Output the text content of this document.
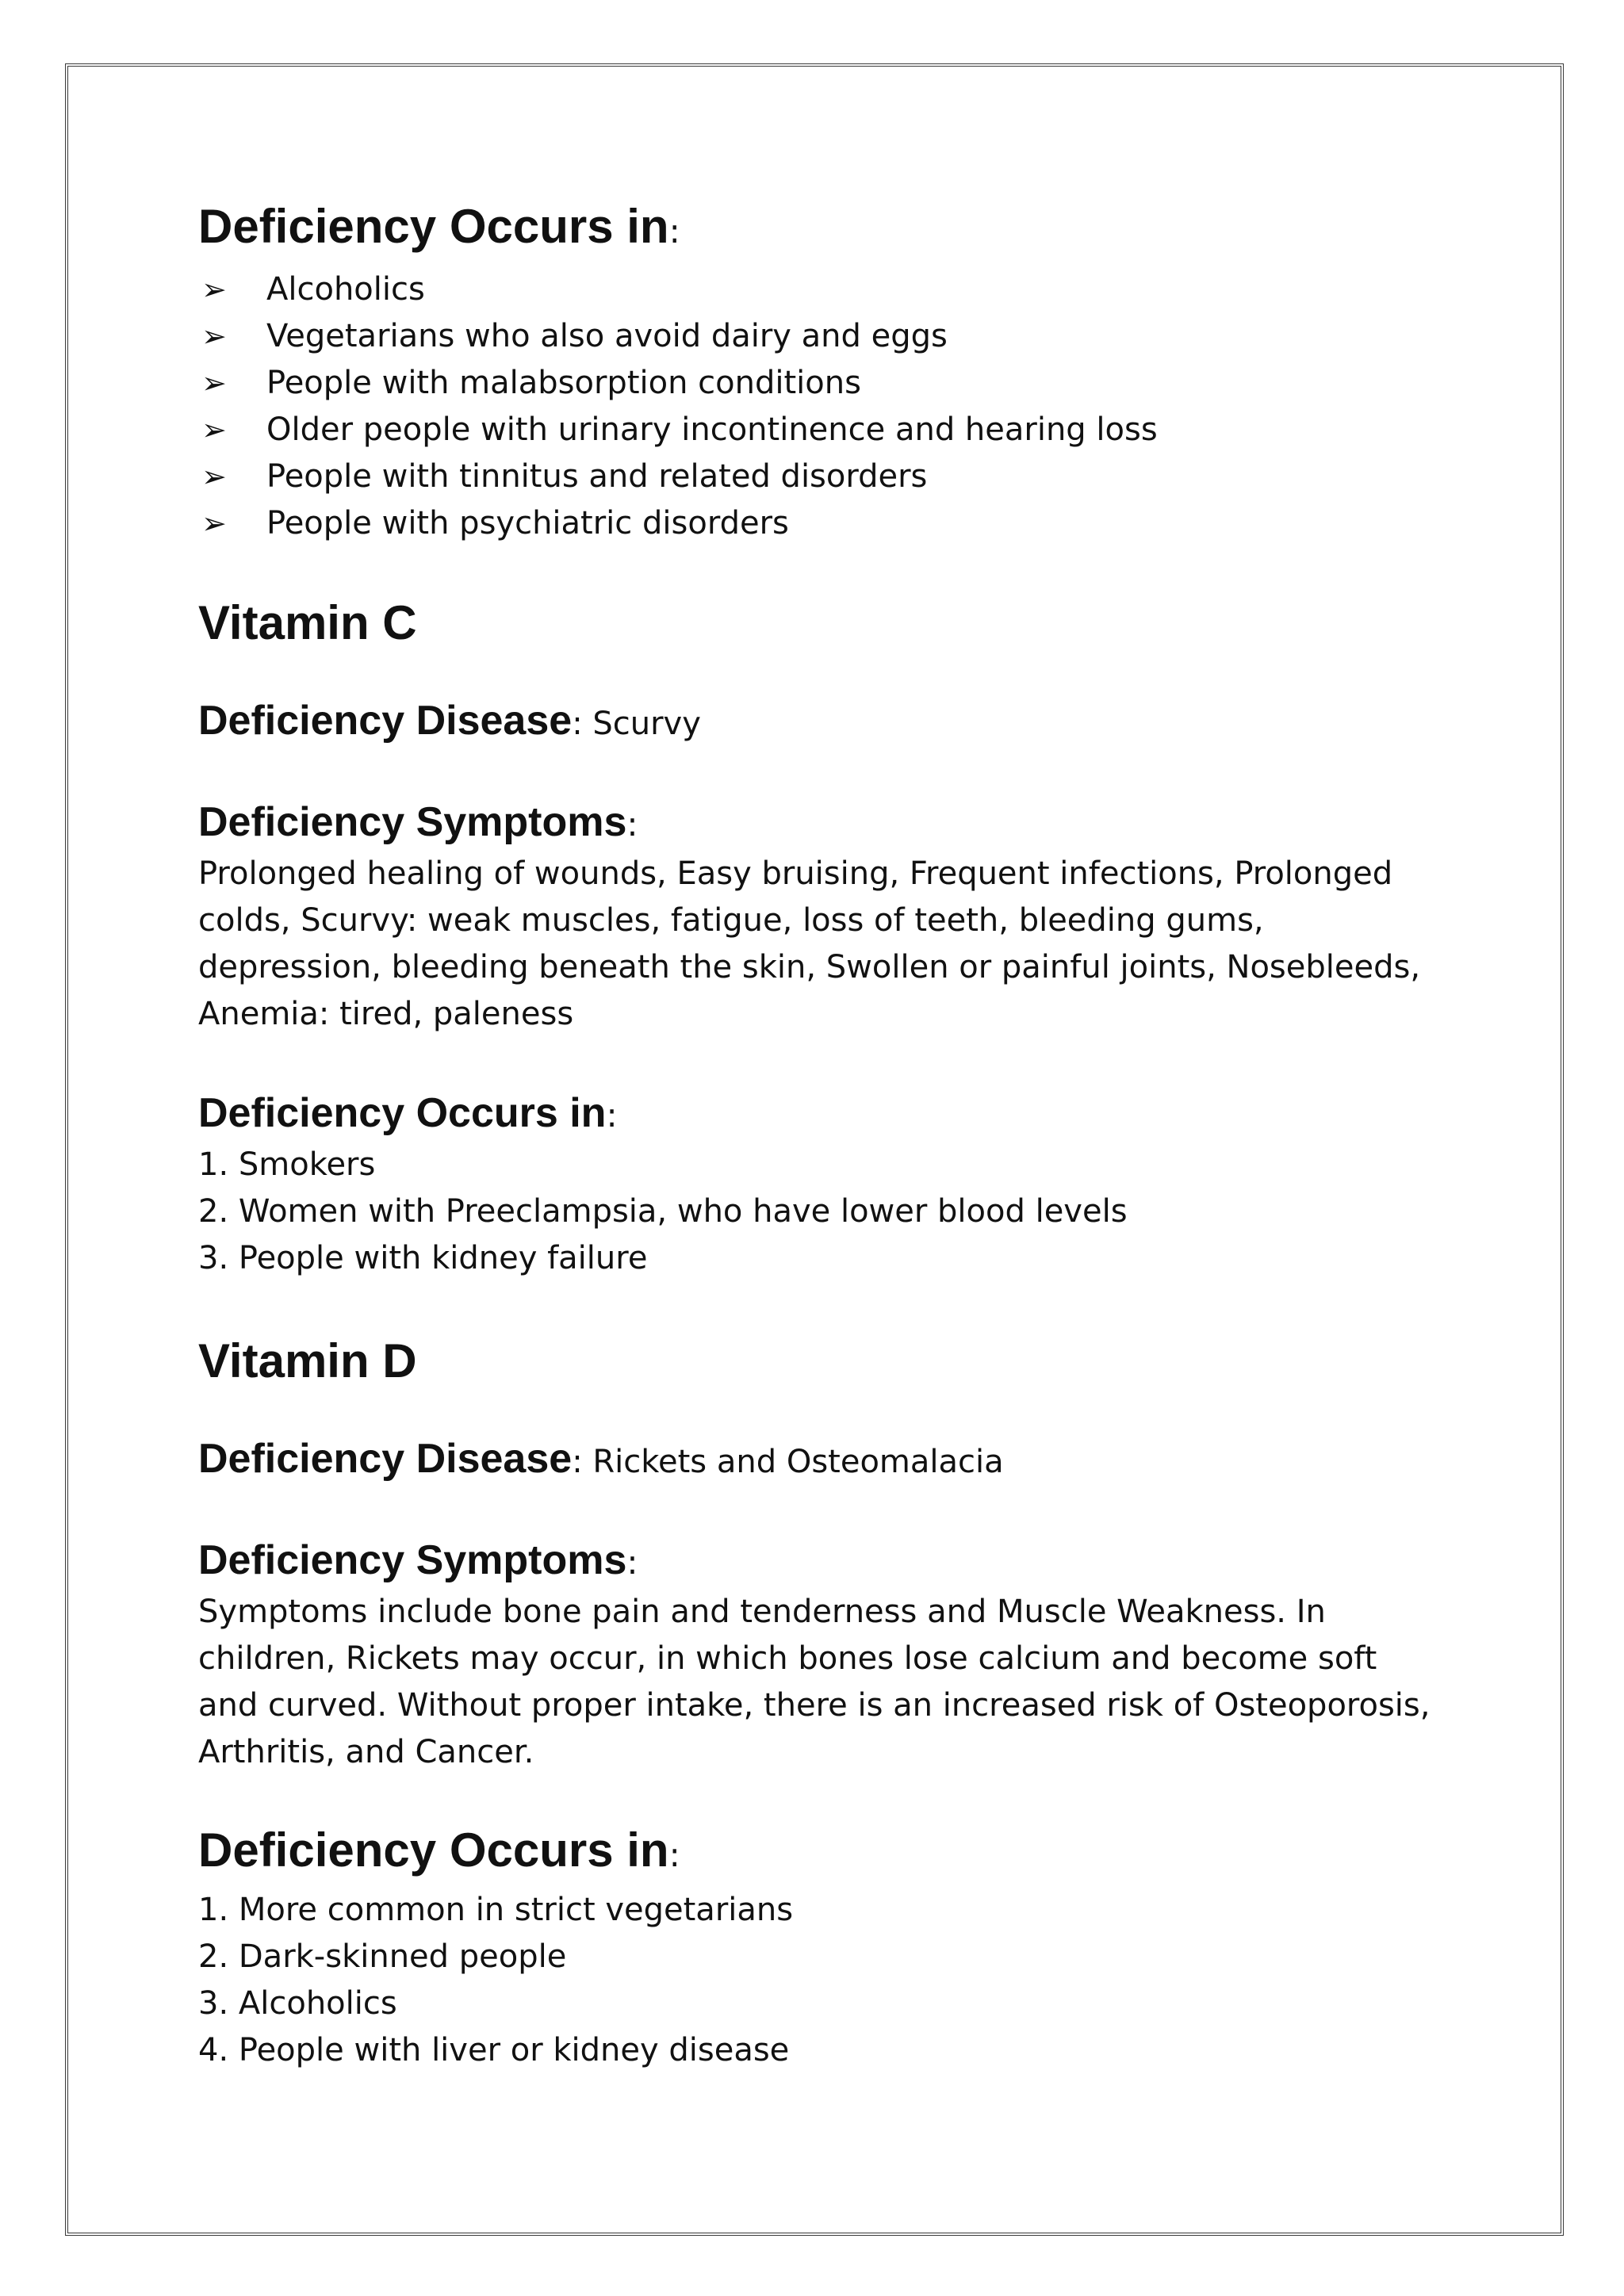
Deficiency Occurs in:
➢ Alcoholics
➢ Vegetarians who also avoid dairy and eggs
➢ People with malabsorption conditions
➢ Older people with urinary incontinence and hearing loss
➢ People with tinnitus and related disorders
➢ People with psychiatric disorders
Vitamin C
Deficiency Disease: Scurvy
Deficiency Symptoms:

Prolonged healing of wounds, Easy bruising, Frequent infections, Prolonged colds, Scurvy: weak muscles, fatigue, loss of teeth, bleeding gums, depression, bleeding beneath the skin, Swollen or painful joints, Nosebleeds, Anemia: tired, paleness

Deficiency Occurs in:
1. Smokers
2. Women with Preeclampsia, who have lower blood levels
3. People with kidney failure
Vitamin D
Deficiency Disease: Rickets and Osteomalacia
Deficiency Symptoms:

Symptoms include bone pain and tenderness and Muscle Weakness. In children, Rickets may occur, in which bones lose calcium and become soft and curved. Without proper intake, there is an increased risk of Osteoporosis, Arthritis, and Cancer.

Deficiency Occurs in:
1. More common in strict vegetarians
2. Dark-skinned people
3. Alcoholics
4. People with liver or kidney disease
